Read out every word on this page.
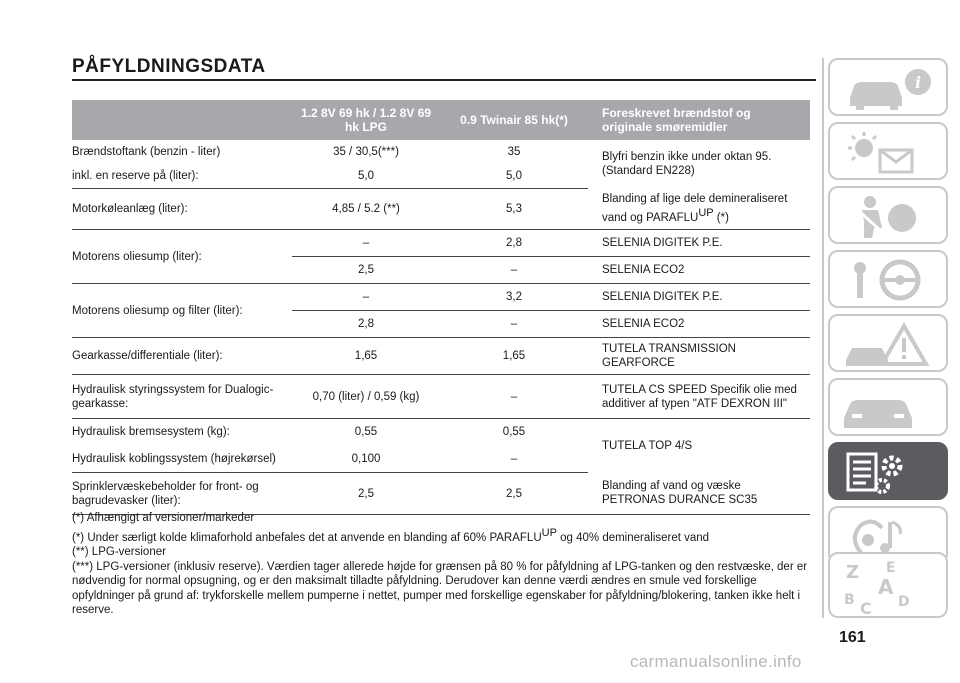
PÅFYLDNINGSDATA
	1.2 8V 69 hk / 1.2 8V 69 hk LPG	0.9 Twinair 85 hk(*)	Foreskrevet brændstof og originale smøremidler
Brændstoftank (benzin - liter)	35 / 30,5(***)	35	Blyfri benzin ikke under oktan 95.
(Standard EN228)
inkl. en reserve på (liter):	5,0	5,0	
Motorkøleanlæg (liter):	4,85 / 5.2 (**)	5,3	Blanding af lige dele demineraliseret
vand og $PARAFLU^{UP}$ (*)
Motorens oliesump (liter):	–	2,8	SELENIA DIGITEK P.E.
	2,5	–	SELENIA ECO2
Motorens oliesump og filter (liter):	–	3,2	SELENIA DIGITEK P.E.
	2,8	–	SELENIA ECO2
Gearkasse/differentiale (liter):	1,65	1,65	TUTELA TRANSMISSION GEARFORCE
Hydraulisk styringssystem for Dualogic-gearkasse:	0,70 (liter) / 0,59 (kg)	–	TUTELA CS SPEED Specifik olie med additiver af typen "ATF DEXRON III"
Hydraulisk bremsesystem (kg):	0,55	0,55	TUTELA TOP 4/S
Hydraulisk koblingssystem (højrekørsel)	0,100	–	
Sprinklervæskebeholder for front- og bagrudevasker (liter):	2,5	2,5	Blanding af vand og væske PETRONAS DURANCE SC35
(*) Afhængigt af versioner/markeder
(*) Under særligt kolde klimaforhold anbefales det at anvende en blanding af 60% $PARAFLU^{UP}$ og 40% demineraliseret vand
(**) LPG-versioner
(***) LPG-versioner (inklusiv reserve). Værdien tager allerede højde for grænsen på 80 % for påfyldning af LPG-tanken og den restvæske, der er nødvendig for normal opsugning, og er den maksimalt tilladte påfyldning. Derudover kan denne værdi ændres en smule ved forskellige opfyldninger på grund af: trykforskelle mellem pumperne i nettet, pumper med forskellige egenskaber for påfyldning/blokering, tanken ikke helt i reserve.
161
i
Z E
A
B C D
carmanualsonline.info
